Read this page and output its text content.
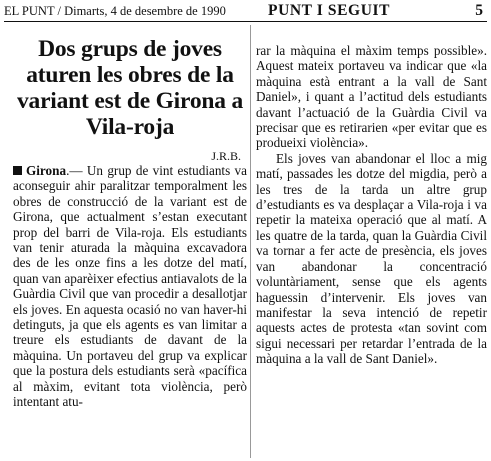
EL PUNT / Dimarts, 4 de desembre de 1990	PUNT I SEGUIT	5
Dos grups de joves aturen les obres de la variant est de Girona a Vila-roja
J.R.B.

Girona.— Un grup de vint estudiants va aconseguir ahir paralitzar temporalment les obres de construcció de la variant est de Girona, que actualment s’estan executant prop del barri de Vila-roja. Els estudiants van tenir aturada la màquina excavadora des de les onze fins a les dotze del matí, quan van aparèixer efectius antiavalots de la Guàrdia Civil que van procedir a desallotjar els joves. En aquesta ocasió no van haver-hi detinguts, ja que els agents es van limitar a treure els estudiants de davant de la màquina. Un portaveu del grup va explicar que la postura dels estudiants serà «pacífica al màxim, evitant tota violència, però intentant atu-

rar la màquina el màxim temps possible». Aquest mateix portaveu va indicar que «la màquina està entrant a la vall de Sant Daniel», i quant a l’actitud dels estudiants davant l’actuació de la Guàrdia Civil va precisar que es retirarien «per evitar que es produeixi violència».

Els joves van abandonar el lloc a mig matí, passades les dotze del migdia, però a les tres de la tarda un altre grup d’estudiants es va desplaçar a Vila-roja i va repetir la mateixa operació que al matí. A les quatre de la tarda, quan la Guàrdia Civil va tornar a fer acte de presència, els joves van abandonar la concentració voluntàriament, sense que els agents haguessin d’intervenir. Els joves van manifestar la seva intenció de repetir aquests actes de protesta «tan sovint com sigui necessari per retardar l’entrada de la màquina a la vall de Sant Daniel».
